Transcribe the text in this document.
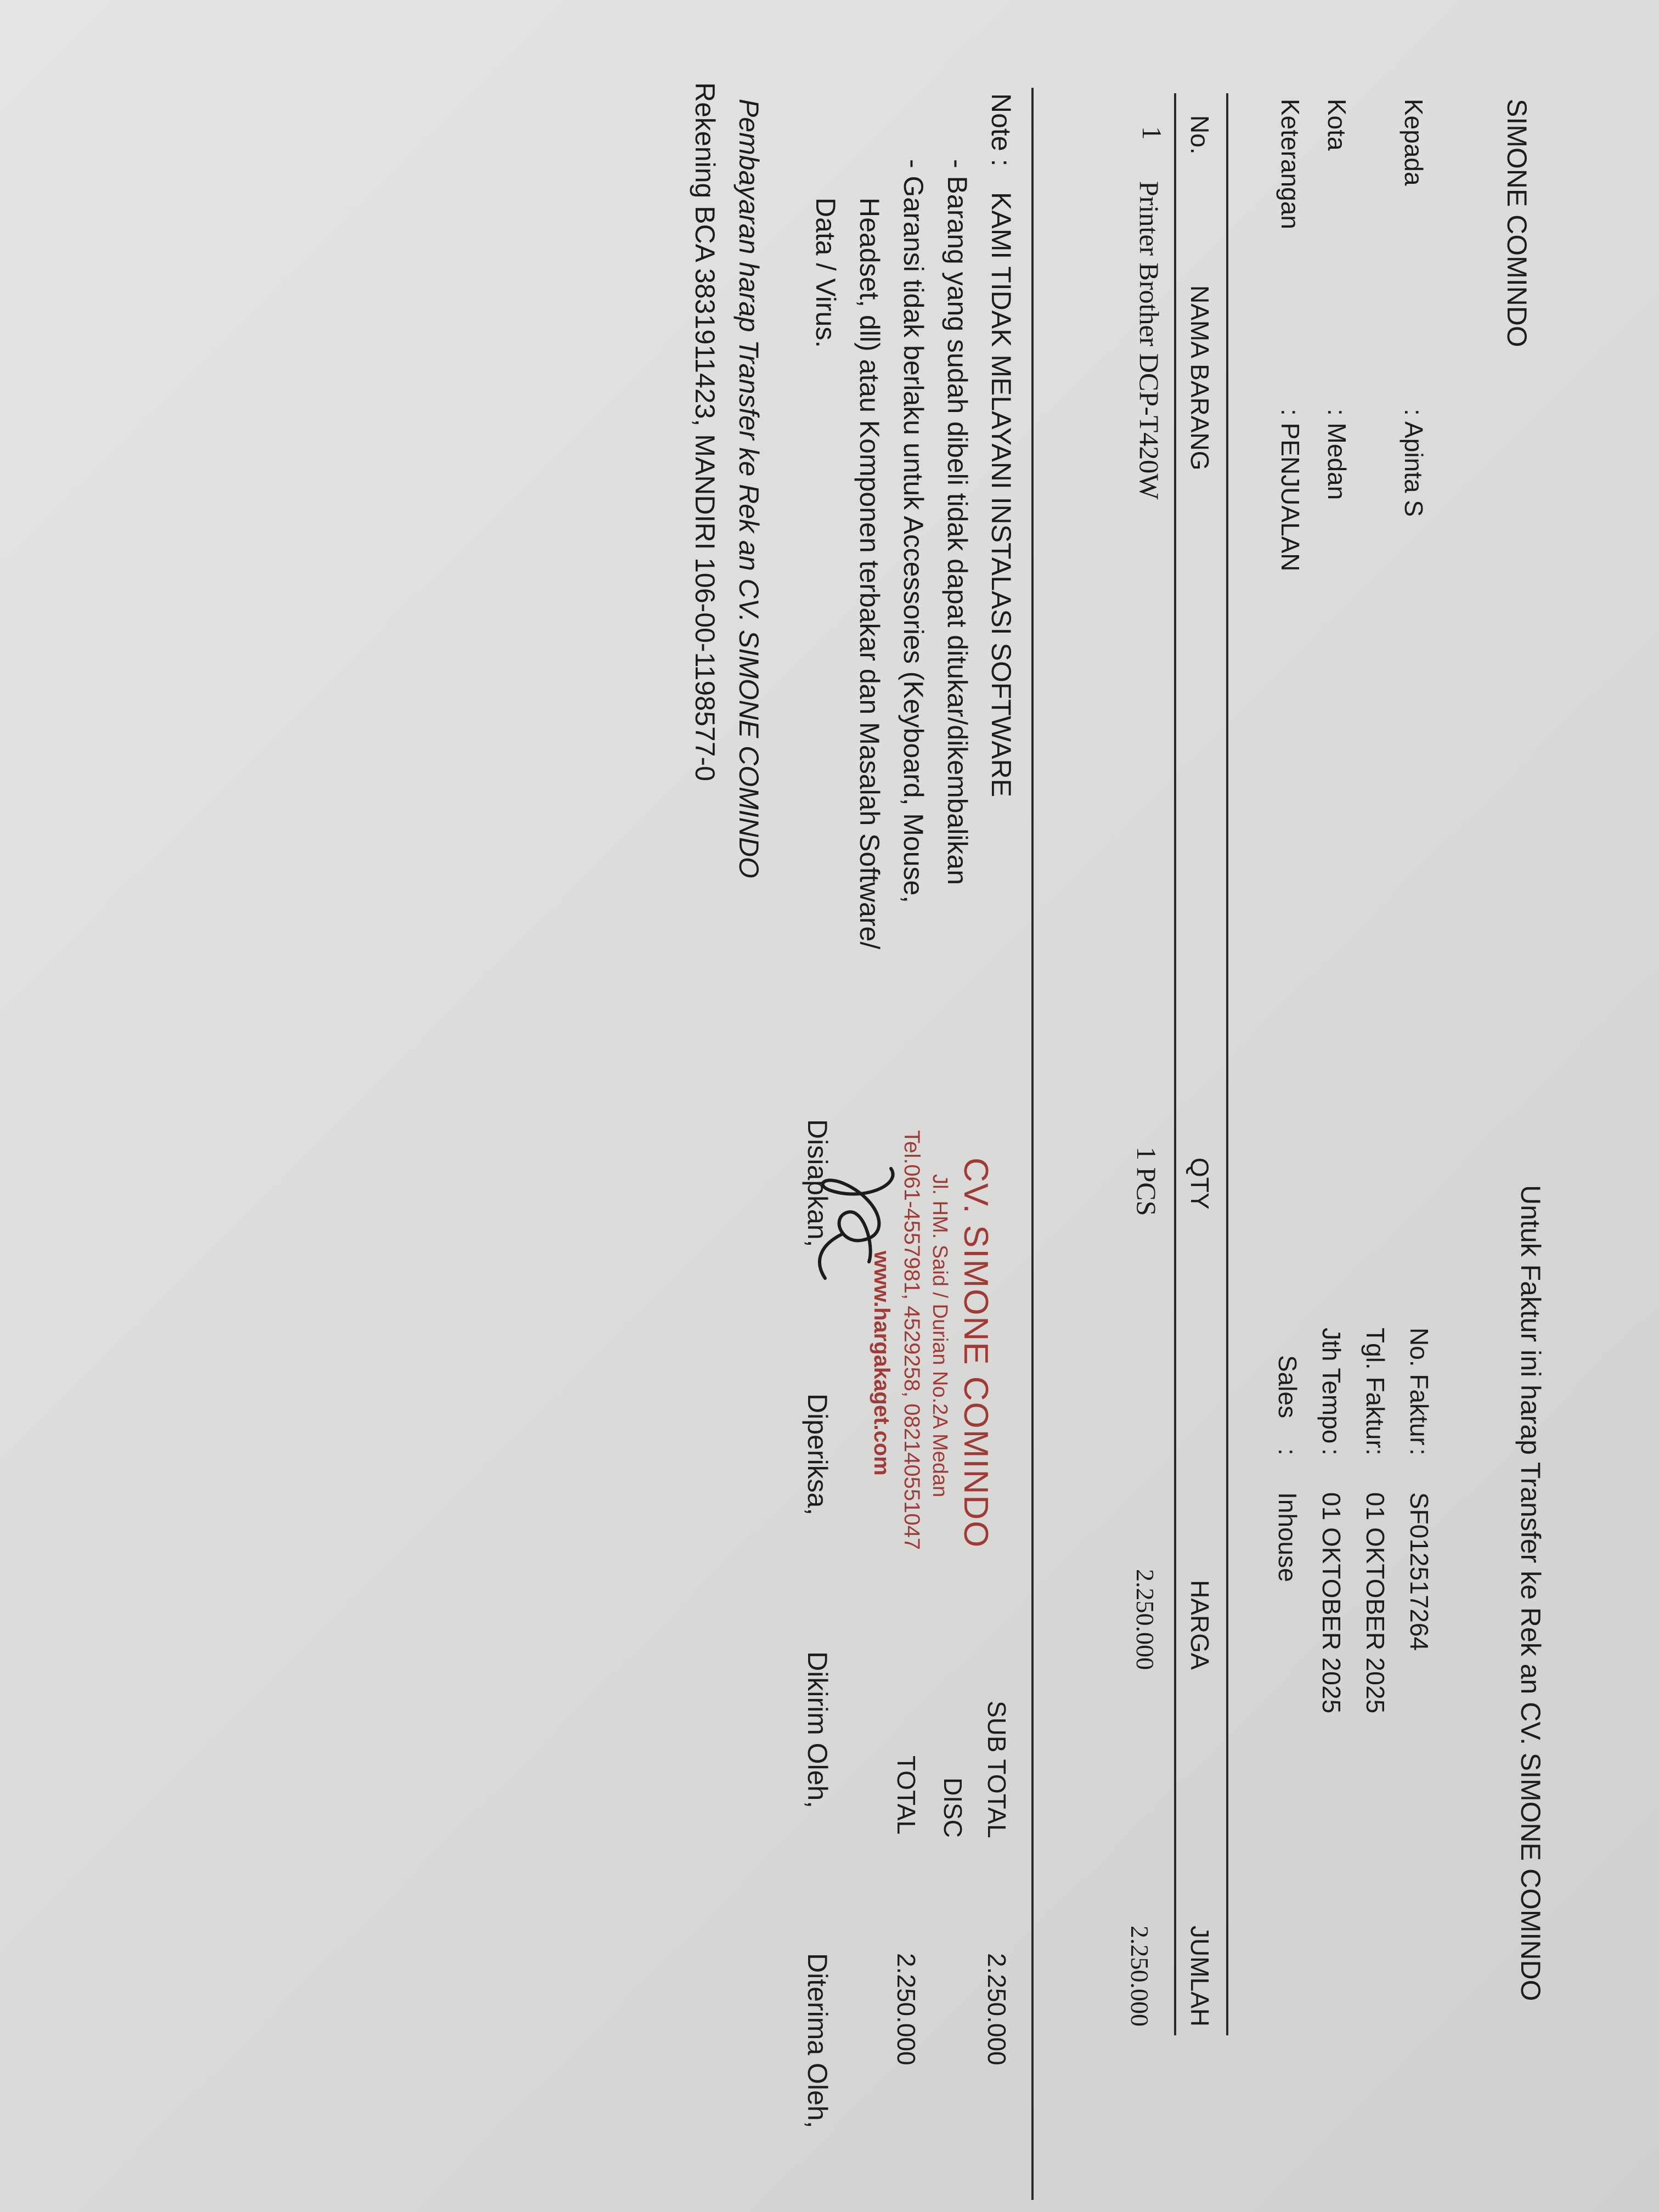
SIMONE COMINDO
Untuk Faktur ini harap Transfer ke Rek an CV. SIMONE COMINDO
Kepada
: Apinta S
Kota
: Medan
Keterangan
: PENJUALAN
No. Faktur
:
SF012517264
Tgl. Faktur
:
01 OKTOBER 2025
Jth Tempo
:
01 OKTOBER 2025
Sales
:
Inhouse
No.
NAMA BARANG
QTY
HARGA
JUMLAH
1
Printer Brother DCP-T420W
1 PCS
2.250.000
2.250.000
SUB TOTAL
2.250.000
DISC
TOTAL
2.250.000
CV. SIMONE COMINDO
Jl. HM. Said / Durian No.2A Medan
Tel.061-4557981, 4529258, 082140551047
www.hargakaget.com
Note :
KAMI TIDAK MELAYANI INSTALASI SOFTWARE
- Barang yang sudah dibeli tidak dapat ditukar/dikembalikan
- Garansi tidak berlaku untuk Accessories (Keyboard, Mouse,
Headset, dll) atau Komponen terbakar dan Masalah Software/
Data / Virus.
Disiapkan,
Diperiksa,
Dikirim Oleh,
Diterima Oleh,
Pembayaran harap Transfer ke Rek an CV. SIMONE COMINDO
Rekening BCA 3831911423, MANDIRI 106-00-1198577-0
